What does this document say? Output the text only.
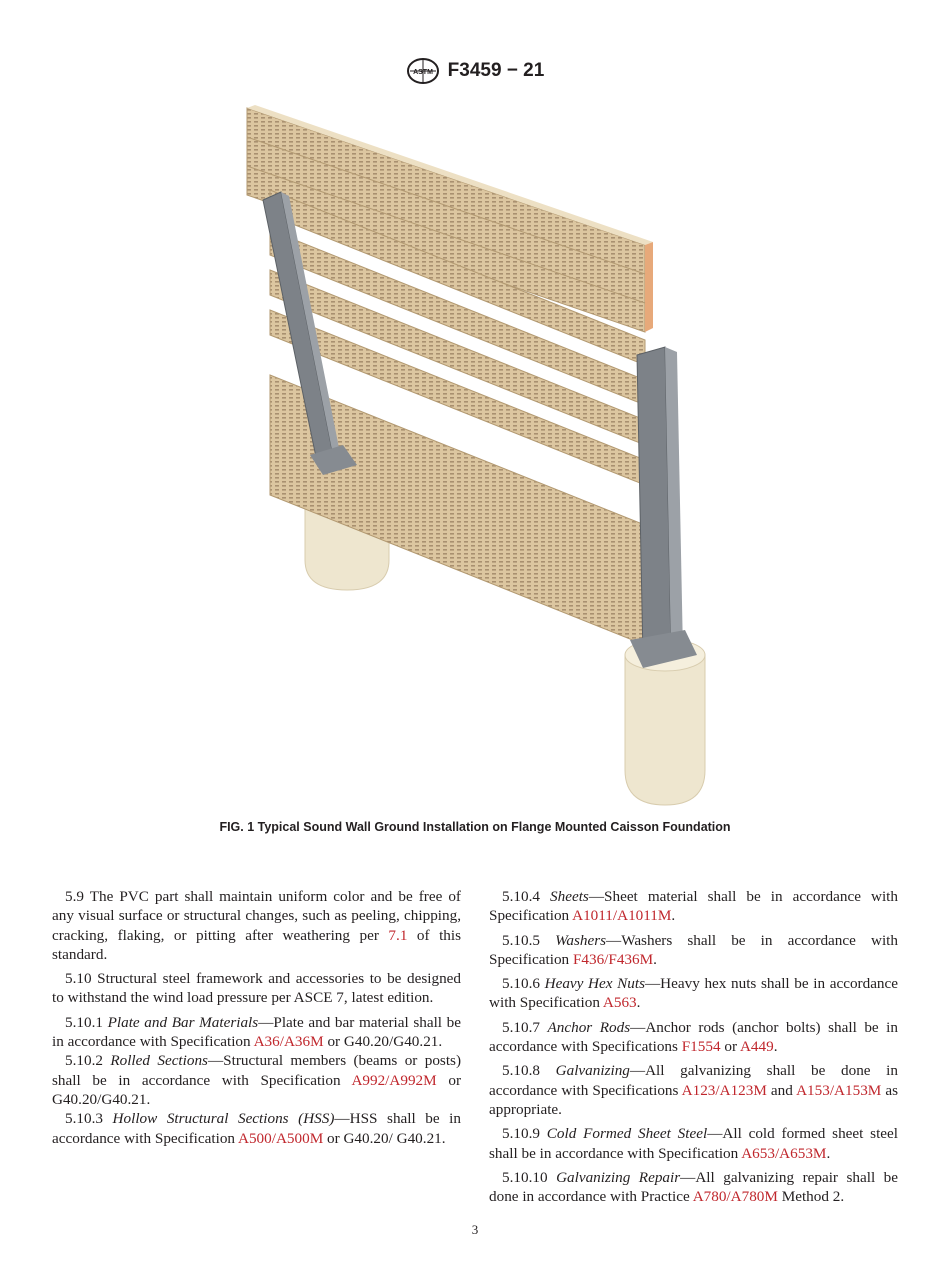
ASTM F3459 − 21
FIG. 1 Typical Sound Wall Ground Installation on Flange Mounted Caisson Foundation

5.9 The PVC part shall maintain uniform color and be free of any visual surface or structural changes, such as peeling, chipping, cracking, flaking, or pitting after weathering per 7.1 of this standard.

5.10 Structural steel framework and accessories to be designed to withstand the wind load pressure per ASCE 7, latest edition.

5.10.1 Plate and Bar Materials—Plate and bar material shall be in accordance with Specification A36/A36M or G40.20/G40.21.

5.10.2 Rolled Sections—Structural members (beams or posts) shall be in accordance with Specification A992/A992M or G40.20/G40.21.

5.10.3 Hollow Structural Sections (HSS)—HSS shall be in accordance with Specification A500/A500M or G40.20/ G40.21.

5.10.4 Sheets—Sheet material shall be in accordance with Specification A1011/A1011M.

5.10.5 Washers—Washers shall be in accordance with Specification F436/F436M.

5.10.6 Heavy Hex Nuts—Heavy hex nuts shall be in accordance with Specification A563.

5.10.7 Anchor Rods—Anchor rods (anchor bolts) shall be in accordance with Specifications F1554 or A449.

5.10.8 Galvanizing—All galvanizing shall be done in accordance with Specifications A123/A123M and A153/A153M as appropriate.

5.10.9 Cold Formed Sheet Steel—All cold formed sheet steel shall be in accordance with Specification A653/A653M.

5.10.10 Galvanizing Repair—All galvanizing repair shall be done in accordance with Practice A780/A780M Method 2.

3
